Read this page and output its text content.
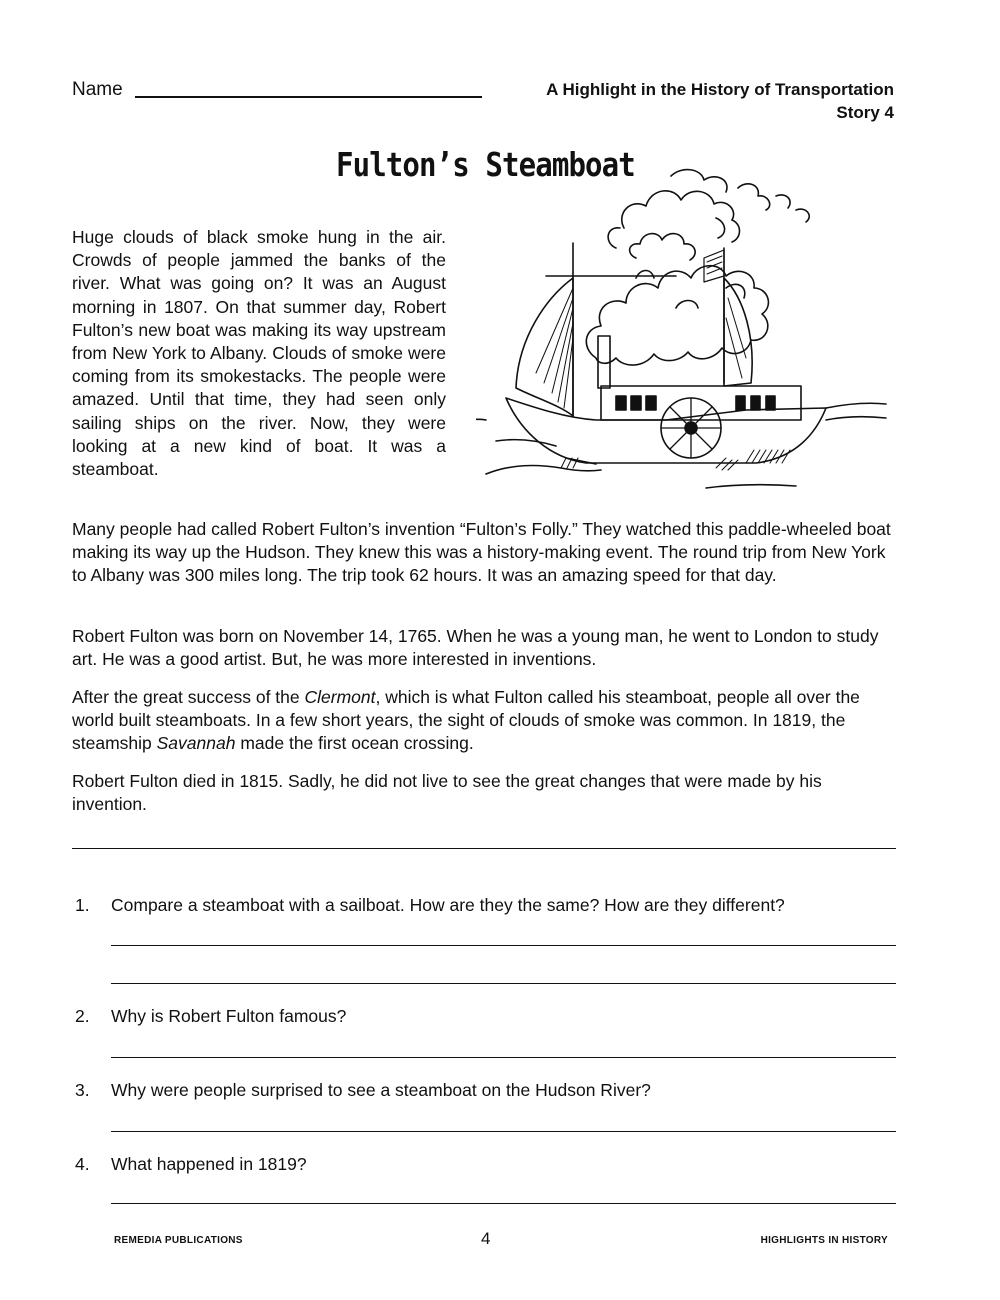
Name	A Highlight in the History of Transportation
Story 4
Fulton’s Steamboat
Huge clouds of black smoke hung in the air. Crowds of people jammed the banks of the river. What was going on? It was an August morning in 1807. On that summer day, Robert Fulton’s new boat was making its way upstream from New York to Albany. Clouds of smoke were coming from its smokestacks. The people were amazed. Until that time, they had seen only sailing ships on the river. Now, they were looking at a new kind of boat. It was a steamboat.
Many people had called Robert Fulton’s invention “Fulton’s Folly.” They watched this paddle-wheeled boat making its way up the Hudson. They knew this was a history-making event. The round trip from New York to Albany was 300 miles long. The trip took 62 hours. It was an amazing speed for that day.
Robert Fulton was born on November 14, 1765. When he was a young man, he went to London to study art. He was a good artist. But, he was more interested in inventions.
After the great success of the Clermont, which is what Fulton called his steamboat, people all over the world built steamboats. In a few short years, the sight of clouds of smoke was common. In 1819, the steamship Savannah made the first ocean crossing.
Robert Fulton died in 1815. Sadly, he did not live to see the great changes that were made by his invention.
1. Compare a steamboat with a sailboat. How are they the same? How are they different?
2. Why is Robert Fulton famous?
3. Why were people surprised to see a steamboat on the Hudson River?
4. What happened in 1819?
REMEDIA PUBLICATIONS	4	HIGHLIGHTS IN HISTORY
